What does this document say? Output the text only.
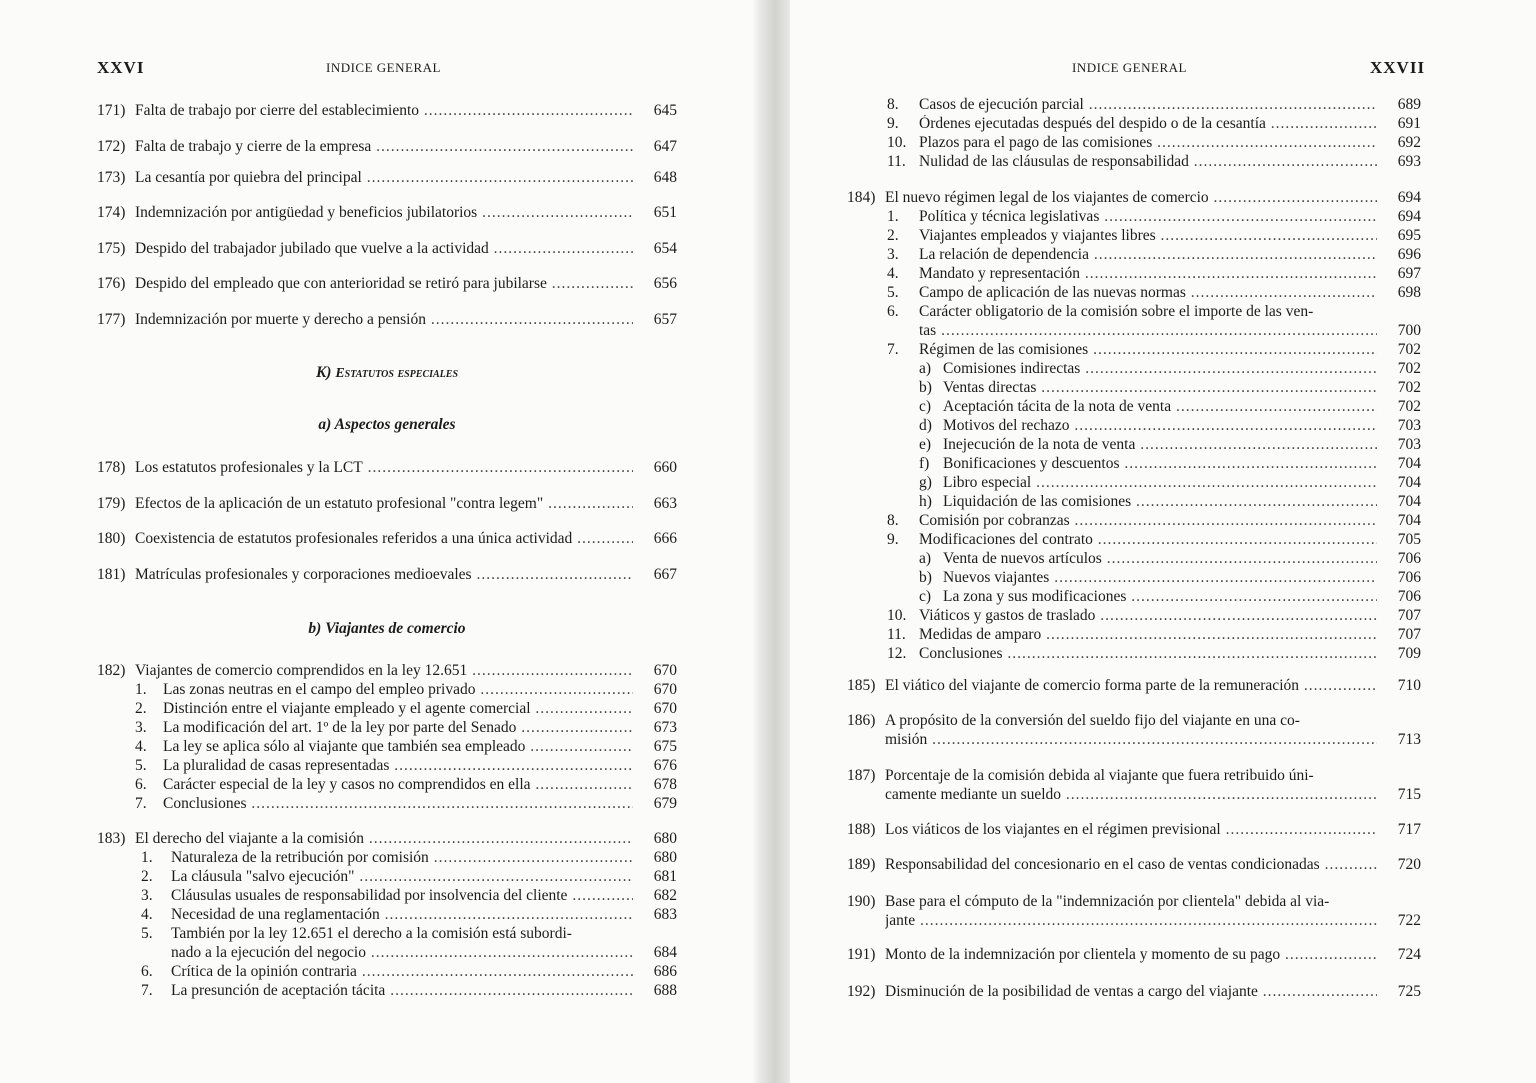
XXVI	INDICE GENERAL
171) Falta de trabajo por cierre del establecimiento .....	645
172) Falta de trabajo y cierre de la empresa .....	647
173) La cesantía por quiebra del principal .....	648
174) Indemnización por antigüedad y beneficios jubilatorios .....	651
175) Despido del trabajador jubilado que vuelve a la actividad .....	654
176) Despido del empleado que con anterioridad se retiró para jubilarse .....	656
177) Indemnización por muerte y derecho a pensión .....	657
178) Los estatutos profesionales y la LCT .....	660
179) Efectos de la aplicación de un estatuto profesional "contra legem" .....	663
180) Coexistencia de estatutos profesionales referidos a una única actividad .....	666
181) Matrículas profesionales y corporaciones medioevales .....	667
182) Viajantes de comercio comprendidos en la ley 12.651 .....	670
1. Las zonas neutras en el campo del empleo privado .....	670
2. Distinción entre el viajante empleado y el agente comercial .....	670
3. La modificación del art. 1º de la ley por parte del Senado .....	673
4. La ley se aplica sólo al viajante que también sea empleado .....	675
5. La pluralidad de casas representadas .....	676
6. Carácter especial de la ley y casos no comprendidos en ella .....	678
7. Conclusiones .....	679
183) El derecho del viajante a la comisión .....	680
1. Naturaleza de la retribución por comisión .....	680
2. La cláusula "salvo ejecución" .....	681
3. Cláusulas usuales de responsabilidad por insolvencia del cliente .....	682
4. Necesidad de una reglamentación .....	683
5. También por la ley 12.651 el derecho a la comisión está subordi-
nado a la ejecución del negocio .....	684
6. Crítica de la opinión contraria .....	686
7. La presunción de aceptación tácita .....	688
K) Estatutos especiales
a) Aspectos generales
b) Viajantes de comercio
INDICE GENERAL	XXVII
8. Casos de ejecución parcial .....	689
9. Órdenes ejecutadas después del despido o de la cesantía .....	691
10. Plazos para el pago de las comisiones .....	692
11. Nulidad de las cláusulas de responsabilidad .....	693
184) El nuevo régimen legal de los viajantes de comercio .....	694
1. Política y técnica legislativas .....	694
2. Viajantes empleados y viajantes libres .....	695
3. La relación de dependencia .....	696
4. Mandato y representación .....	697
5. Campo de aplicación de las nuevas normas .....	698
6. Carácter obligatorio de la comisión sobre el importe de las ven-
tas .....	700
7. Régimen de las comisiones .....	702
a) Comisiones indirectas .....	702
b) Ventas directas .....	702
c) Aceptación tácita de la nota de venta .....	702
d) Motivos del rechazo .....	703
e) Inejecución de la nota de venta .....	703
f) Bonificaciones y descuentos .....	704
g) Libro especial .....	704
h) Liquidación de las comisiones .....	704
8. Comisión por cobranzas .....	704
9. Modificaciones del contrato .....	705
a) Venta de nuevos artículos .....	706
b) Nuevos viajantes .....	706
c) La zona y sus modificaciones .....	706
10. Viáticos y gastos de traslado .....	707
11. Medidas de amparo .....	707
12. Conclusiones .....	709
185) El viático del viajante de comercio forma parte de la remuneración .....	710
186) A propósito de la conversión del sueldo fijo del viajante en una co-
misión .....	713
187) Porcentaje de la comisión debida al viajante que fuera retribuido úni-
camente mediante un sueldo .....	715
188) Los viáticos de los viajantes en el régimen previsional .....	717
189) Responsabilidad del concesionario en el caso de ventas condicionadas .....	720
190) Base para el cómputo de la "indemnización por clientela" debida al via-
jante .....	722
191) Monto de la indemnización por clientela y momento de su pago .....	724
192) Disminución de la posibilidad de ventas a cargo del viajante .....	725
